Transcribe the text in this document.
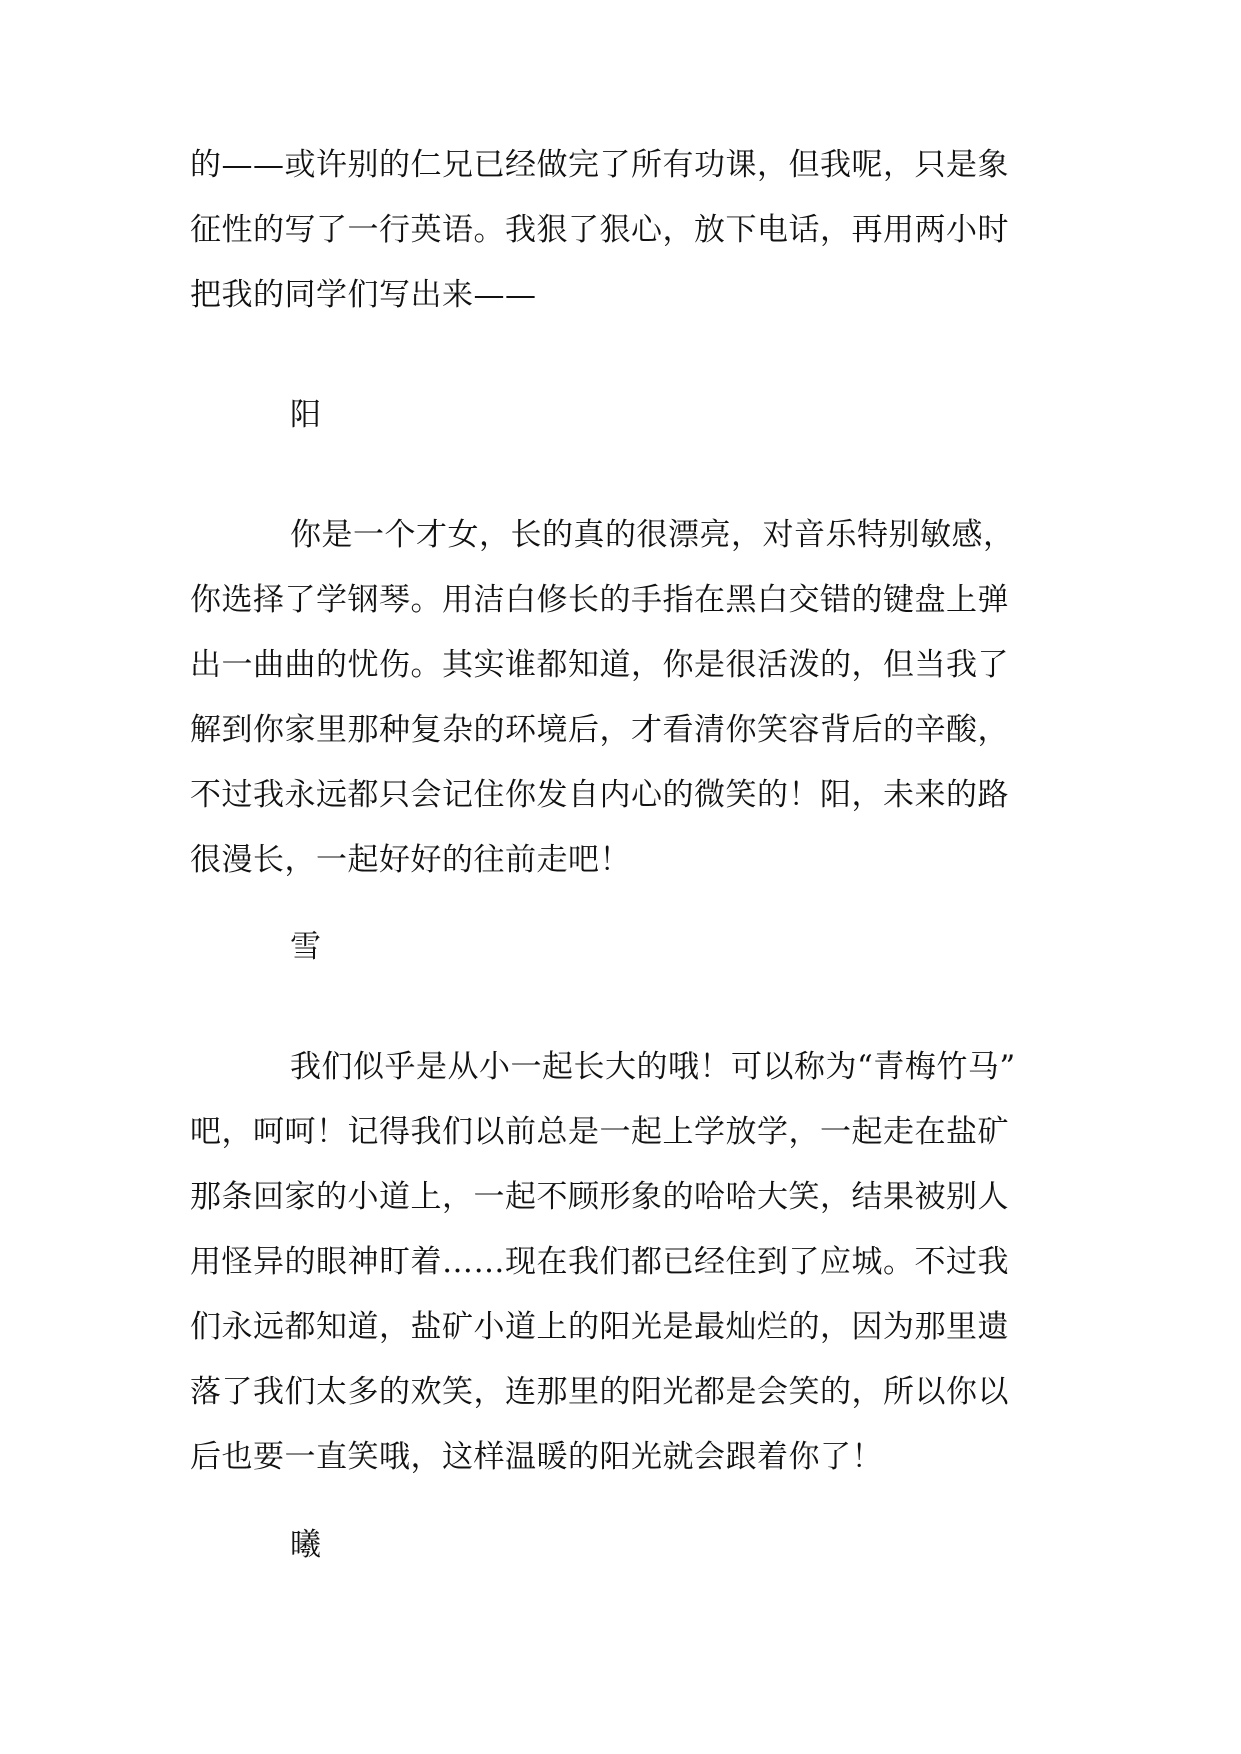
的——或许别的仁兄已经做完了所有功课，但我呢，只是象
征性的写了一行英语。我狠了狠心，放下电话，再用两小时
把我的同学们写出来——

阳

你是一个才女，长的真的很漂亮，对音乐特别敏感，
你选择了学钢琴。用洁白修长的手指在黑白交错的键盘上弹
出一曲曲的忧伤。其实谁都知道，你是很活泼的，但当我了
解到你家里那种复杂的环境后，才看清你笑容背后的辛酸，
不过我永远都只会记住你发自内心的微笑的！阳，未来的路
很漫长，一起好好的往前走吧！

雪

我们似乎是从小一起长大的哦！可以称为“青梅竹马”
吧，呵呵！记得我们以前总是一起上学放学，一起走在盐矿
那条回家的小道上，一起不顾形象的哈哈大笑，结果被别人
用怪异的眼神盯着……现在我们都已经住到了应城。不过我
们永远都知道，盐矿小道上的阳光是最灿烂的，因为那里遗
落了我们太多的欢笑，连那里的阳光都是会笑的，所以你以
后也要一直笑哦，这样温暖的阳光就会跟着你了！

曦
